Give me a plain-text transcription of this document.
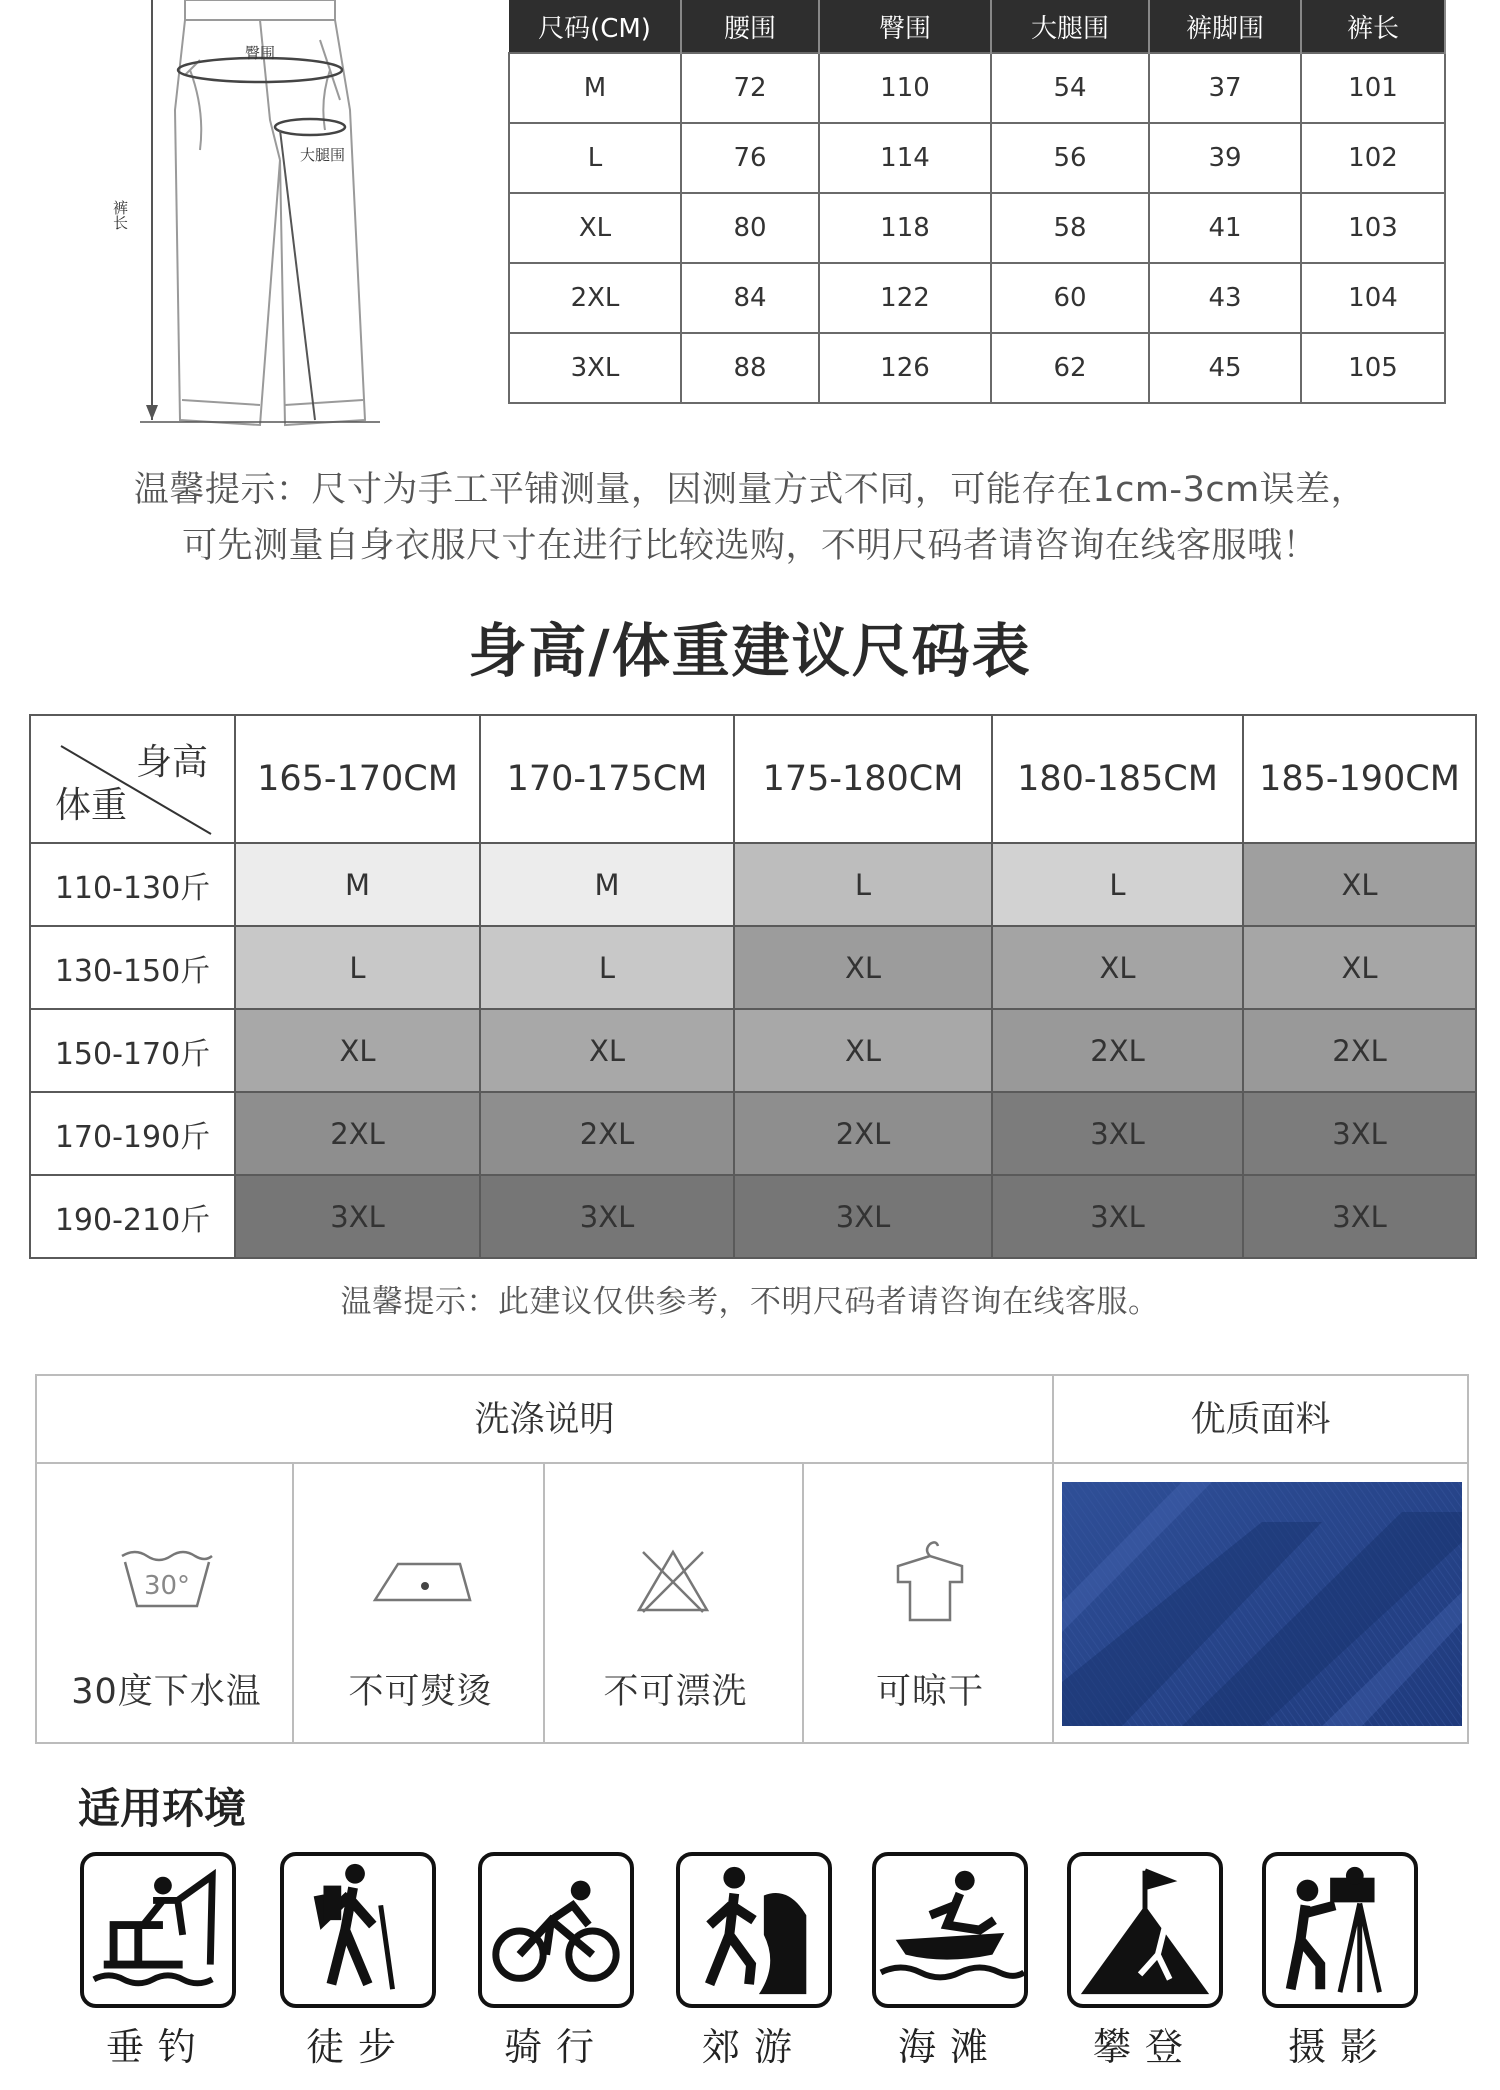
臀围
大腿围
裤长
尺码(CM)	腰围	臀围	大腿围	裤脚围	裤长
M	72	110	54	37	101
L	76	114	56	39	102
XL	80	118	58	41	103
2XL	84	122	60	43	104
3XL	88	126	62	45	105
温馨提示：尺寸为手工平铺测量，因测量方式不同，可能存在1cm-3cm误差，
可先测量自身衣服尺寸在进行比较选购，不明尺码者请咨询在线客服哦！
身高/体重建议尺码表
身高
体重	165-170CM	170-175CM	175-180CM	180-185CM	185-190CM
110-130斤	M	M	L	L	XL
130-150斤	L	L	XL	XL	XL
150-170斤	XL	XL	XL	2XL	2XL
170-190斤	2XL	2XL	2XL	3XL	3XL
190-210斤	3XL	3XL	3XL	3XL	3XL
温馨提示：此建议仅供参考，不明尺码者请咨询在线客服。
洗涤说明	优质面料
30°
30度下水温	不可熨烫	不可漂洗	可晾干
适用环境
垂钓	徒步	骑行	郊游	海滩	攀登	摄影
